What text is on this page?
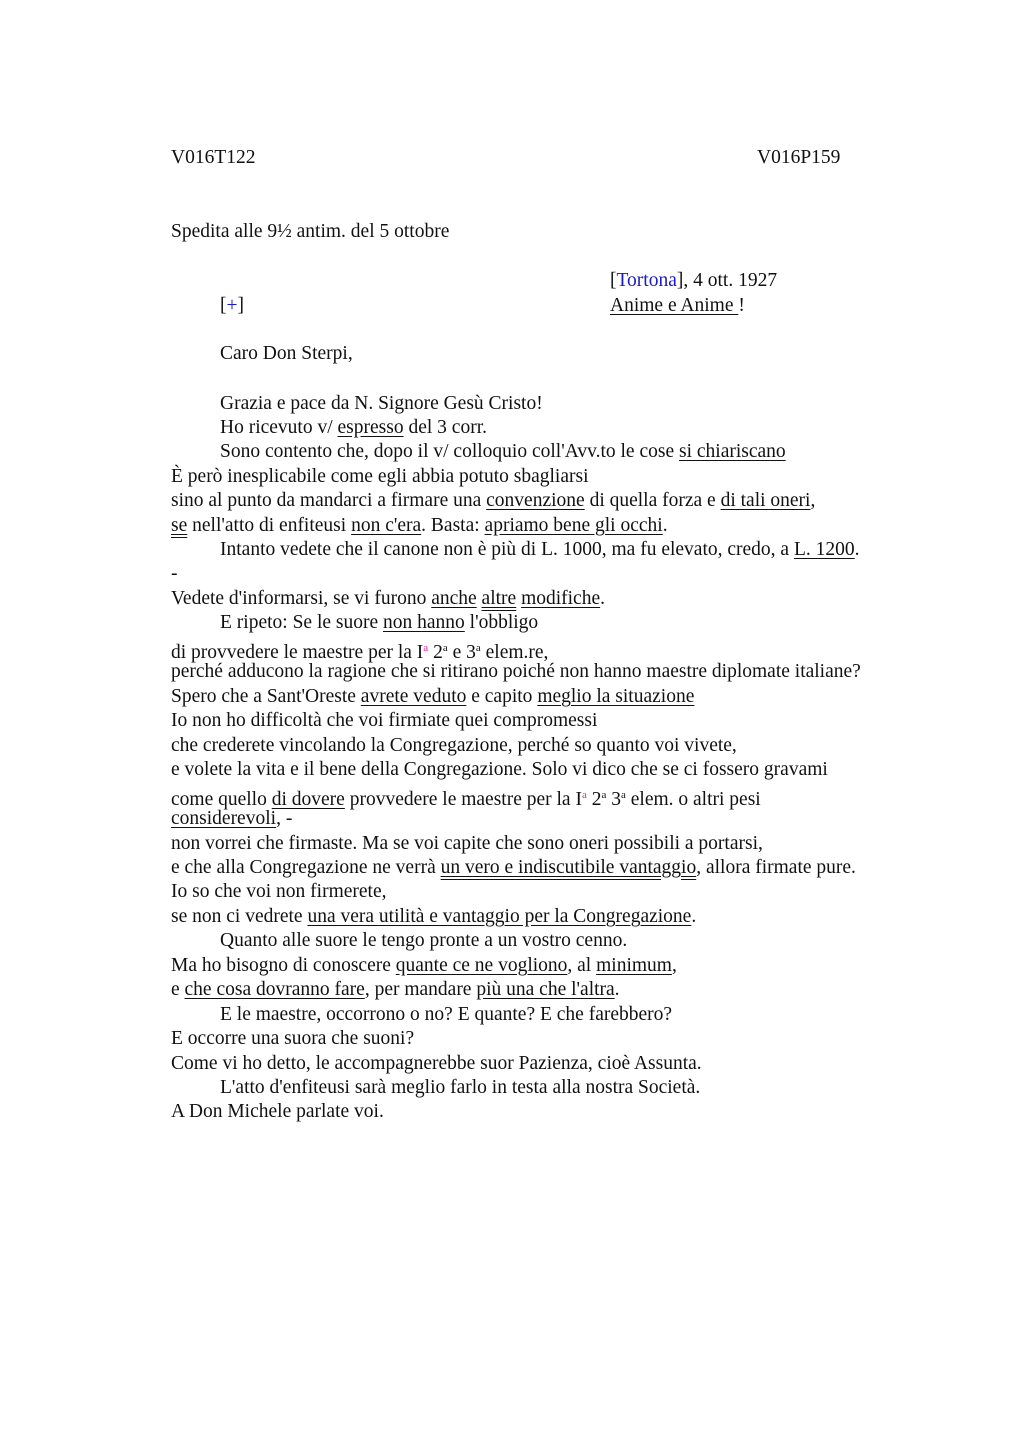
V016T122	V016P159
Spedita alle 9½ antim. del 5 ottobre
[Tortona], 4 ott. 1927
Anime e Anime !
[+]
Caro Don Sterpi,
Grazia e pace da N. Signore Gesù Cristo!
Ho ricevuto v/ espresso del 3 corr.
Sono contento che, dopo il v/ colloquio coll'Avv.to le cose si chiariscano
È però inesplicabile come egli abbia potuto sbagliarsi
sino al punto da mandarci a firmare una convenzione di quella forza e di tali oneri,
se nell'atto di enfiteusi non c'era. Basta: apriamo bene gli occhi.
Intanto vedete che il canone non è più di L. 1000, ma fu elevato, credo, a L. 1200.
-
Vedete d'informarsi, se vi furono anche altre modifiche.
E ripeto: Se le suore non hanno l'obbligo
di provvedere le maestre per la $I^a$ 2$^a$ e 3$^a$ elem.re,
perché adducono la ragione che si ritirano poiché non hanno maestre diplomate italiane?
Spero che a Sant'Oreste avrete veduto e capito meglio la situazione
Io non ho difficoltà che voi firmiate quei compromessi
che crederete vincolando la Congregazione, perché so quanto voi vivete,
e volete la vita e il bene della Congregazione. Solo vi dico che se ci fossero gravami
come quello di dovere provvedere le maestre per la $I^a$ 2$^a$ 3$^a$ elem. o altri pesi
considerevoli, -
non vorrei che firmaste. Ma se voi capite che sono oneri possibili a portarsi,
e che alla Congregazione ne verrà un vero e indiscutibile vantaggio, allora firmate pure.
Io so che voi non firmerete,
se non ci vedrete una vera utilità e vantaggio per la Congregazione.
Quanto alle suore le tengo pronte a un vostro cenno.
Ma ho bisogno di conoscere quante ce ne vogliono, al minimum,
e che cosa dovranno fare, per mandare più una che l'altra.
E le maestre, occorrono o no? E quante? E che farebbero?
E occorre una suora che suoni?
Come vi ho detto, le accompagnerebbe suor Pazienza, cioè Assunta.
L'atto d'enfiteusi sarà meglio farlo in testa alla nostra Società.
A Don Michele parlate voi.
